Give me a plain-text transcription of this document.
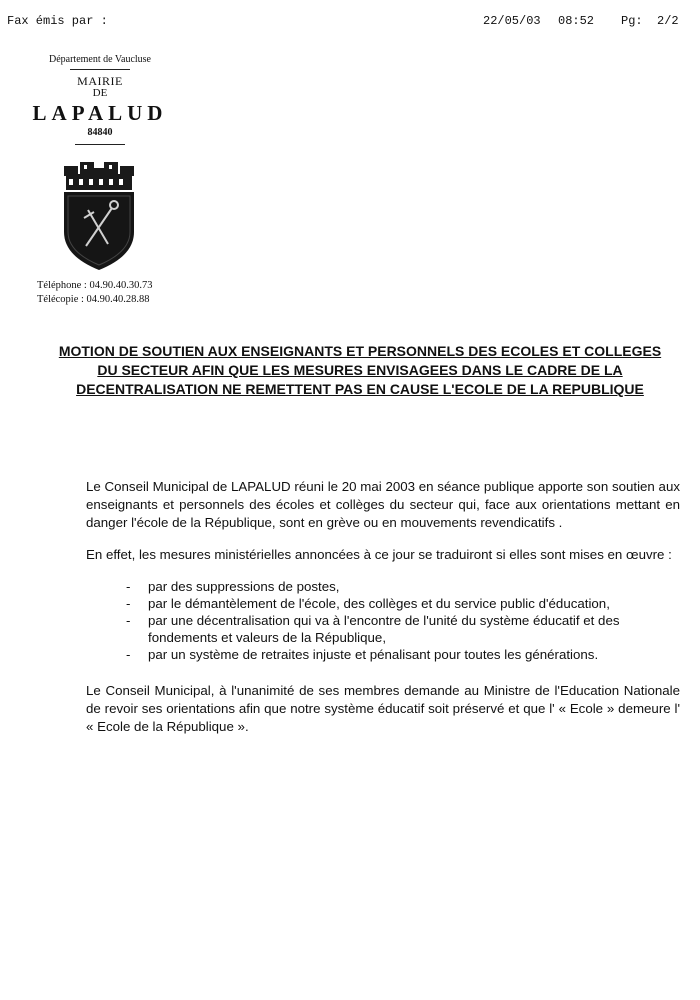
Fax émis par :	22/05/03 08:52 Pg: 2/2
Département de Vaucluse
MAIRIE
DE
LAPALUD
84840
Téléphone : 04.90.40.30.73
Télécopie : 04.90.40.28.88
MOTION DE SOUTIEN AUX ENSEIGNANTS ET PERSONNELS DES ECOLES ET COLLEGES
DU SECTEUR AFIN QUE LES MESURES ENVISAGEES DANS LE CADRE DE LA
DECENTRALISATION NE REMETTENT PAS EN CAUSE L'ECOLE DE LA REPUBLIQUE
Le Conseil Municipal de LAPALUD réuni le 20 mai 2003 en séance publique apporte son soutien aux enseignants et personnels des écoles et collèges du secteur qui, face aux orientations mettant en danger l'école de la République, sont en grève ou en mouvements revendicatifs .
En effet, les mesures ministérielles annoncées à ce jour se traduiront si elles sont mises en œuvre :
- par des suppressions de postes,
- par le démantèlement de l'école, des collèges et du service public d'éducation,
- par une décentralisation qui va à l'encontre de l'unité du système éducatif et des fondements et valeurs de la République,
- par un système de retraites injuste et pénalisant pour toutes les générations.
Le Conseil Municipal, à l'unanimité de ses membres demande au Ministre de l'Education Nationale de revoir ses orientations afin que notre système éducatif soit préservé et que l' « Ecole » demeure l' « Ecole de la République ».
